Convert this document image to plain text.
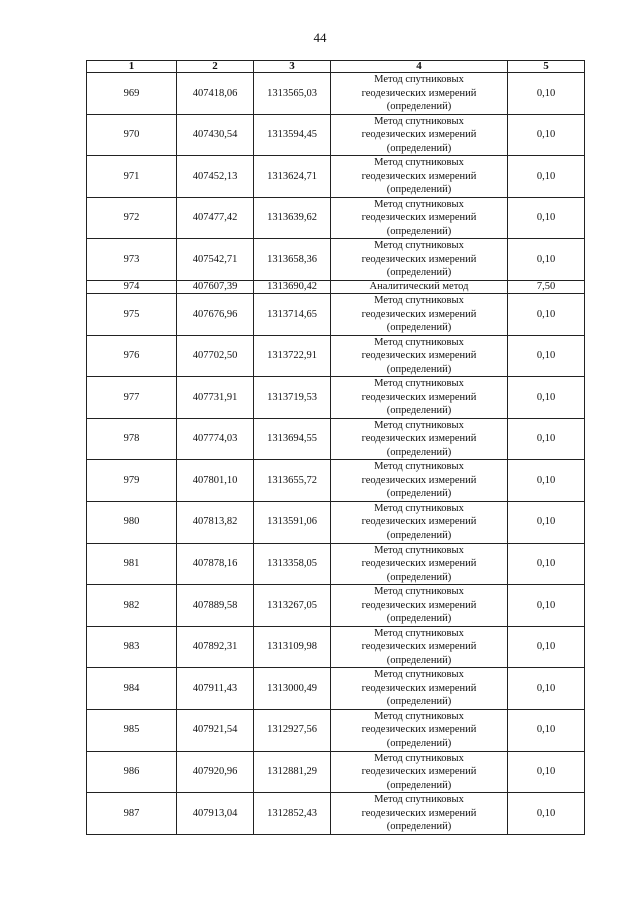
44
1	2	3	4	5
969	407418,06	1313565,03	Метод спутниковых
геодезических измерений
(определений)	0,10
970	407430,54	1313594,45	Метод спутниковых
геодезических измерений
(определений)	0,10
971	407452,13	1313624,71	Метод спутниковых
геодезических измерений
(определений)	0,10
972	407477,42	1313639,62	Метод спутниковых
геодезических измерений
(определений)	0,10
973	407542,71	1313658,36	Метод спутниковых
геодезических измерений
(определений)	0,10
974	407607,39	1313690,42	Аналитический метод	7,50
975	407676,96	1313714,65	Метод спутниковых
геодезических измерений
(определений)	0,10
976	407702,50	1313722,91	Метод спутниковых
геодезических измерений
(определений)	0,10
977	407731,91	1313719,53	Метод спутниковых
геодезических измерений
(определений)	0,10
978	407774,03	1313694,55	Метод спутниковых
геодезических измерений
(определений)	0,10
979	407801,10	1313655,72	Метод спутниковых
геодезических измерений
(определений)	0,10
980	407813,82	1313591,06	Метод спутниковых
геодезических измерений
(определений)	0,10
981	407878,16	1313358,05	Метод спутниковых
геодезических измерений
(определений)	0,10
982	407889,58	1313267,05	Метод спутниковых
геодезических измерений
(определений)	0,10
983	407892,31	1313109,98	Метод спутниковых
геодезических измерений
(определений)	0,10
984	407911,43	1313000,49	Метод спутниковых
геодезических измерений
(определений)	0,10
985	407921,54	1312927,56	Метод спутниковых
геодезических измерений
(определений)	0,10
986	407920,96	1312881,29	Метод спутниковых
геодезических измерений
(определений)	0,10
987	407913,04	1312852,43	Метод спутниковых
геодезических измерений
(определений)	0,10
